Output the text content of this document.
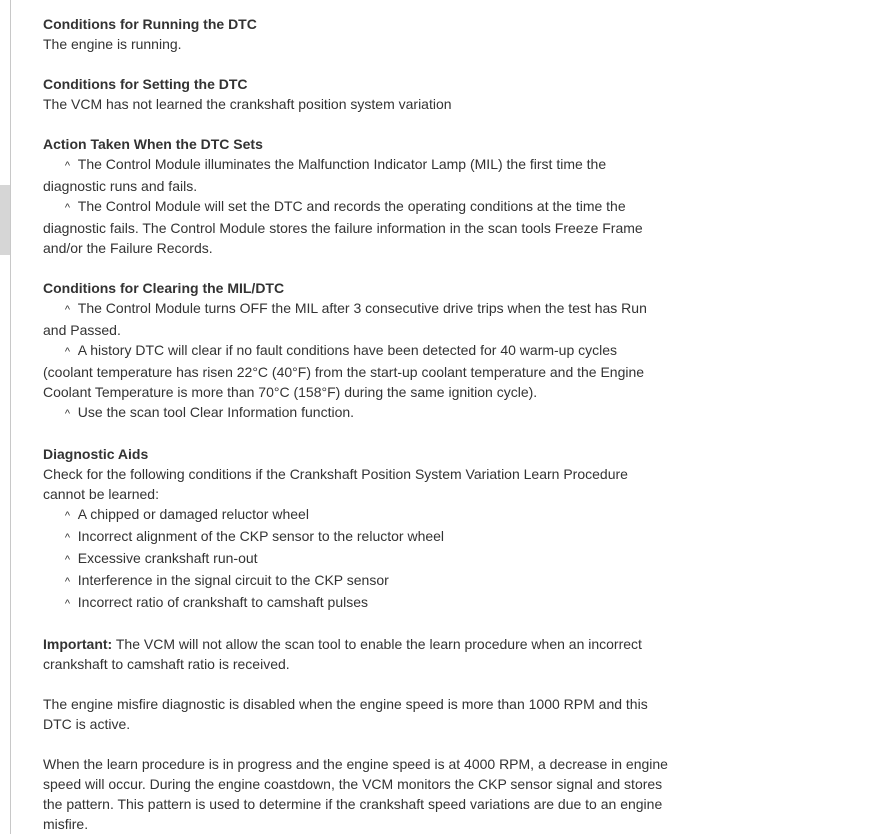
Conditions for Running the DTC

The engine is running.

Conditions for Setting the DTC

The VCM has not learned the crankshaft position system variation

Action Taken When the DTC Sets

^ The Control Module illuminates the Malfunction Indicator Lamp (MIL) the first time the diagnostic runs and fails.

^ The Control Module will set the DTC and records the operating conditions at the time the diagnostic fails. The Control Module stores the failure information in the scan tools Freeze Frame and/or the Failure Records.

Conditions for Clearing the MIL/DTC

^ The Control Module turns OFF the MIL after 3 consecutive drive trips when the test has Run and Passed.

^ A history DTC will clear if no fault conditions have been detected for 40 warm-up cycles (coolant temperature has risen 22°C (40°F) from the start-up coolant temperature and the Engine Coolant Temperature is more than 70°C (158°F) during the same ignition cycle).

^ Use the scan tool Clear Information function.

Diagnostic Aids

Check for the following conditions if the Crankshaft Position System Variation Learn Procedure cannot be learned:

^ A chipped or damaged reluctor wheel

^ Incorrect alignment of the CKP sensor to the reluctor wheel

^ Excessive crankshaft run-out

^ Interference in the signal circuit to the CKP sensor

^ Incorrect ratio of crankshaft to camshaft pulses

Important: The VCM will not allow the scan tool to enable the learn procedure when an incorrect crankshaft to camshaft ratio is received.

The engine misfire diagnostic is disabled when the engine speed is more than 1000 RPM and this DTC is active.

When the learn procedure is in progress and the engine speed is at 4000 RPM, a decrease in engine speed will occur. During the engine coastdown, the VCM monitors the CKP sensor signal and stores the pattern. This pattern is used to determine if the crankshaft speed variations are due to an engine misfire.
